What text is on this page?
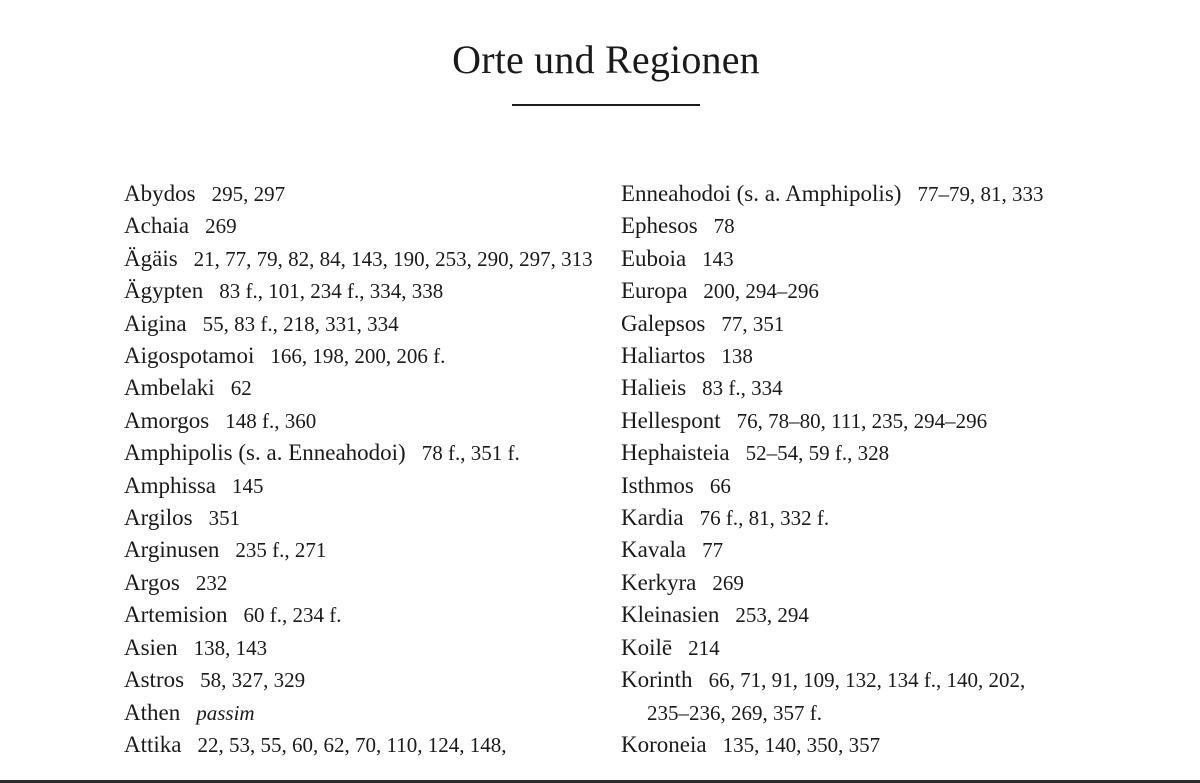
Orte und Regionen

Abydos 295, 297

Achaia 269

Ägäis 21, 77, 79, 82, 84, 143, 190, 253, 290, 297, 313

Ägypten 83 f., 101, 234 f., 334, 338

Aigina 55, 83 f., 218, 331, 334

Aigospotamoi 166, 198, 200, 206 f.

Ambelaki 62

Amorgos 148 f., 360

Amphipolis (s. a. Enneahodoi) 78 f., 351 f.

Amphissa 145

Argilos 351

Arginusen 235 f., 271

Argos 232

Artemision 60 f., 234 f.

Asien 138, 143

Astros 58, 327, 329

Athen passim

Attika 22, 53, 55, 60, 62, 70, 110, 124, 148,

Enneahodoi (s. a. Amphipolis) 77–79, 81, 333

Ephesos 78

Euboia 143

Europa 200, 294–296

Galepsos 77, 351

Haliartos 138

Halieis 83 f., 334

Hellespont 76, 78–80, 111, 235, 294–296

Hephaisteia 52–54, 59 f., 328

Isthmos 66

Kardia 76 f., 81, 332 f.

Kavala 77

Kerkyra 269

Kleinasien 253, 294

Koilē 214

Korinth 66, 71, 91, 109, 132, 134 f., 140, 202, 235–236, 269, 357 f.

Koroneia 135, 140, 350, 357
